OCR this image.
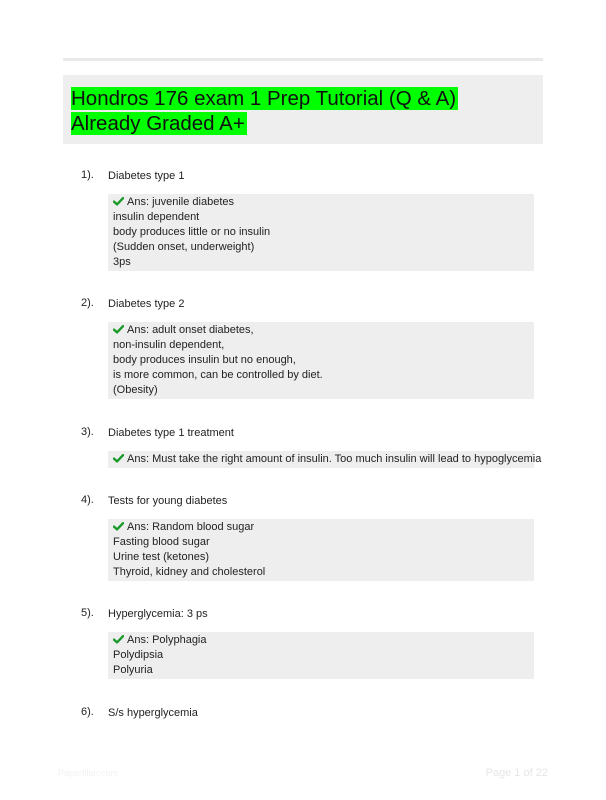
Hondros 176 exam 1 Prep Tutorial (Q & A)
Already Graded A+
1). Diabetes type 1
Ans: juvenile diabetes
insulin dependent
body produces little or no insulin
(Sudden onset, underweight)
3ps
2). Diabetes type 2
Ans: adult onset diabetes,
non-insulin dependent,
body produces insulin but no enough,
is more common, can be controlled by diet.
(Obesity)
3). Diabetes type 1 treatment
Ans: Must take the right amount of insulin. Too much insulin will lead to hypoglycemia
4). Tests for young diabetes
Ans: Random blood sugar
Fasting blood sugar
Urine test (ketones)
Thyroid, kidney and cholesterol
5). Hyperglycemia: 3 ps
Ans: Polyphagia
Polydipsia
Polyuria
6). S/s hyperglycemia
Paperfilter.com	Page 1 of 22
